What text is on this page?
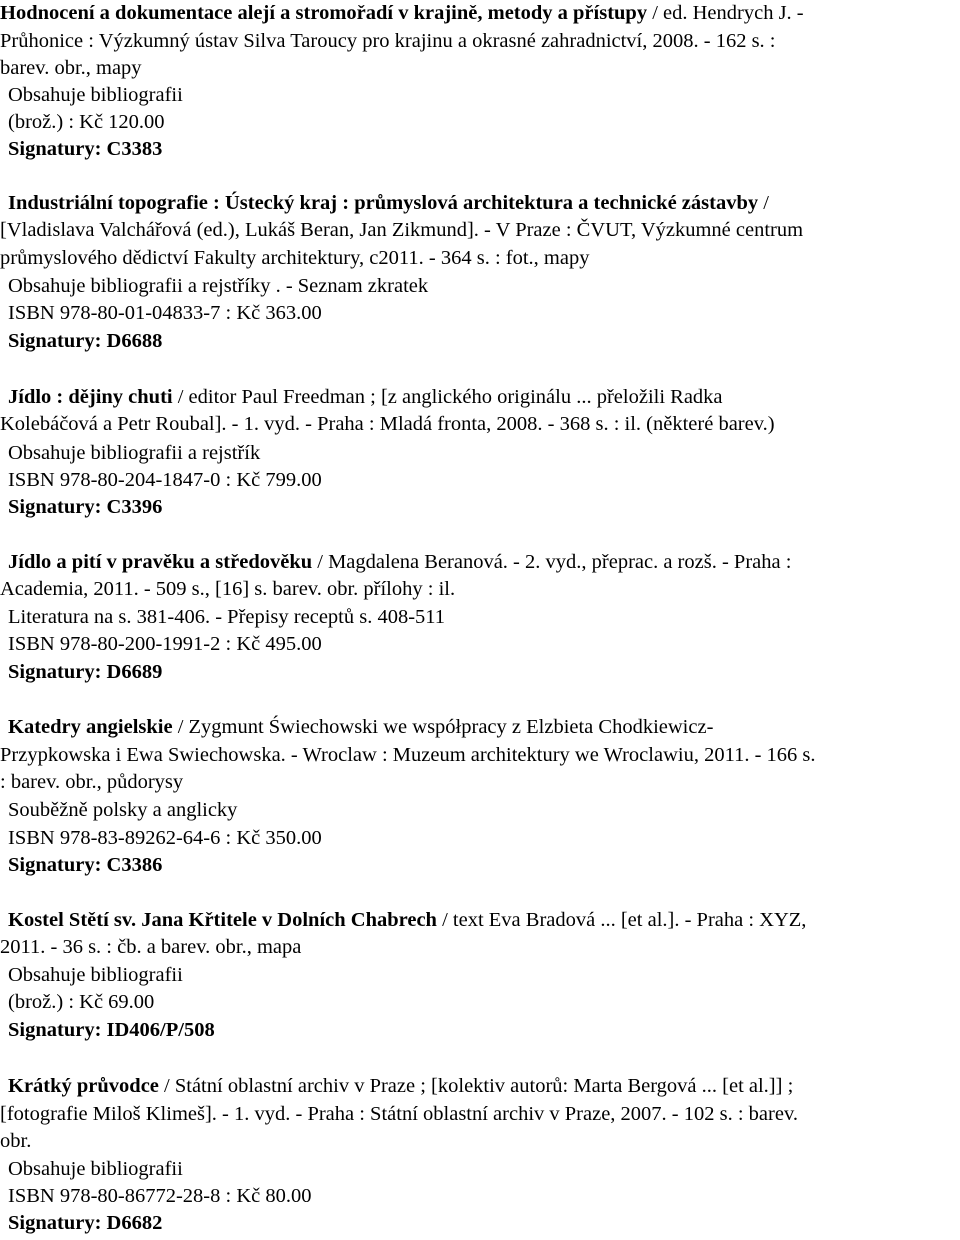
Hodnocení a dokumentace alejí a stromořadí v krajině, metody a přístupy / ed. Hendrych J. -
Průhonice : Výzkumný ústav Silva Taroucy pro krajinu a okrasné zahradnictví, 2008. - 162 s. :
barev. obr., mapy
Obsahuje bibliografii
(brož.) : Kč 120.00
Signatury: C3383
Industriální topografie : Ústecký kraj : průmyslová architektura a technické zástavby /
[Vladislava Valchářová (ed.), Lukáš Beran, Jan Zikmund]. - V Praze : ČVUT, Výzkumné centrum
průmyslového dědictví Fakulty architektury, c2011. - 364 s. : fot., mapy
Obsahuje bibliografii a rejstříky . - Seznam zkratek
ISBN 978-80-01-04833-7 : Kč 363.00
Signatury: D6688
Jídlo : dějiny chuti / editor Paul Freedman ; [z anglického originálu ... přeložili Radka
Kolebáčová a Petr Roubal]. - 1. vyd. - Praha : Mladá fronta, 2008. - 368 s. : il. (některé barev.)
Obsahuje bibliografii a rejstřík
ISBN 978-80-204-1847-0 : Kč 799.00
Signatury: C3396
Jídlo a pití v pravěku a středověku / Magdalena Beranová. - 2. vyd., přeprac. a rozš. - Praha :
Academia, 2011. - 509 s., [16] s. barev. obr. přílohy : il.
Literatura na s. 381-406. - Přepisy receptů s. 408-511
ISBN 978-80-200-1991-2 : Kč 495.00
Signatury: D6689
Katedry angielskie / Zygmunt Świechowski we współpracy z Elzbieta Chodkiewicz-
Przypkowska i Ewa Swiechowska. - Wroclaw : Muzeum architektury we Wroclawiu, 2011. - 166 s.
: barev. obr., půdorysy
Souběžně polsky a anglicky
ISBN 978-83-89262-64-6 : Kč 350.00
Signatury: C3386
Kostel Stětí sv. Jana Křtitele v Dolních Chabrech / text Eva Bradová ... [et al.]. - Praha : XYZ,
2011. - 36 s. : čb. a barev. obr., mapa
Obsahuje bibliografii
(brož.) : Kč 69.00
Signatury: ID406/P/508
Krátký průvodce / Státní oblastní archiv v Praze ; [kolektiv autorů: Marta Bergová ... [et al.]] ;
[fotografie Miloš Klimeš]. - 1. vyd. - Praha : Státní oblastní archiv v Praze, 2007. - 102 s. : barev.
obr.
Obsahuje bibliografii
ISBN 978-80-86772-28-8 : Kč 80.00
Signatury: D6682
